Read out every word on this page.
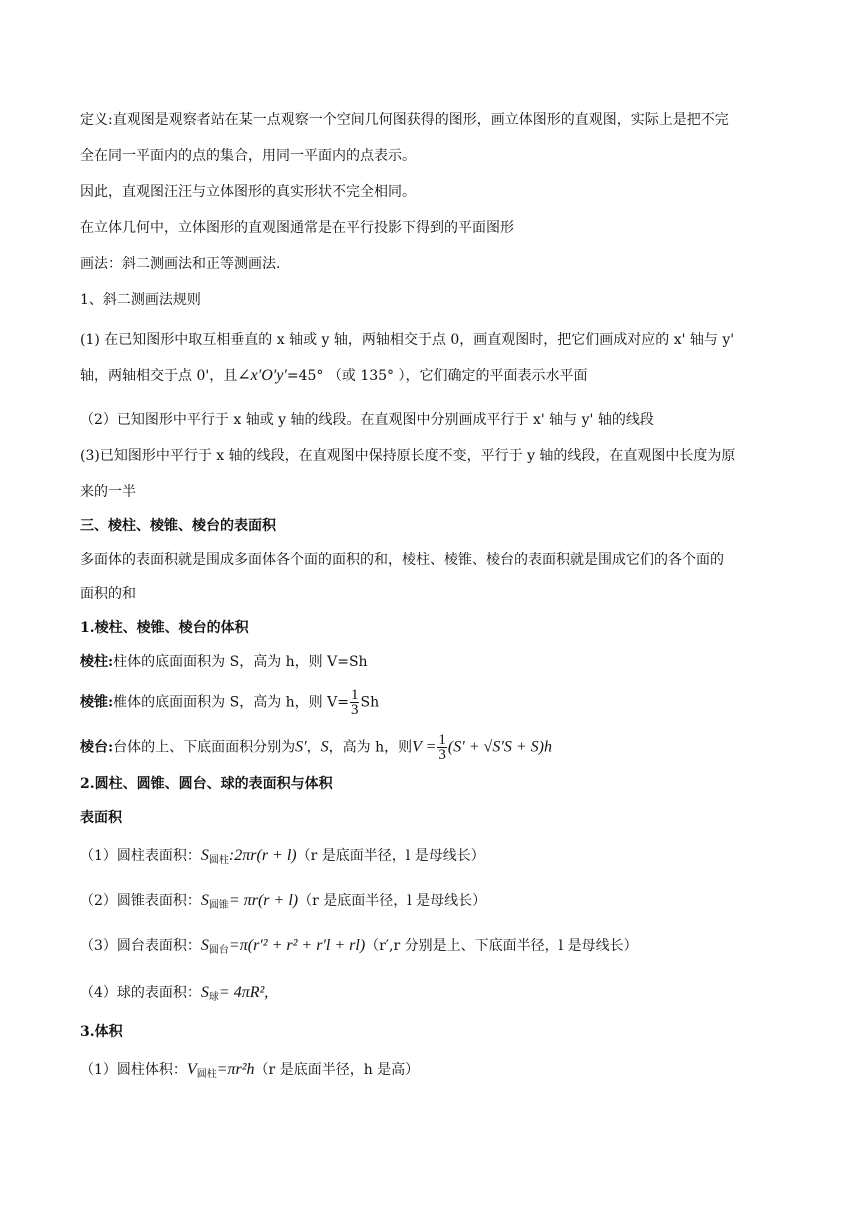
定义:直观图是观察者站在某一点观察一个空间几何图获得的图形，画立体图形的直观图，实际上是把不完
全在同一平面内的点的集合，用同一平面内的点表示。
因此，直观图汪汪与立体图形的真实形状不完全相同。
在立体几何中，立体图形的直观图通常是在平行投影下得到的平面图形
画法：斜二测画法和正等测画法.
1、斜二测画法规则
(1) 在已知图形中取互相垂直的 x 轴或 y 轴，两轴相交于点 0，画直观图时，把它们画成对应的 x' 轴与 y'
轴，两轴相交于点 0'，且∠x′O′y′=45° （或 135° ），它们确定的平面表示水平面
（2）已知图形中平行于 x 轴或 y 轴的线段。在直观图中分别画成平行于 x' 轴与 y' 轴的线段
(3)已知图形中平行于 x 轴的线段，在直观图中保持原长度不变，平行于 y 轴的线段，在直观图中长度为原
来的一半
三、棱柱、棱锥、棱台的表面积
多面体的表面积就是围成多面体各个面的面积的和，棱柱、棱锥、棱台的表面积就是围成它们的各个面的
面积的和
1.棱柱、棱锥、棱台的体积
棱柱:柱体的底面面积为 S，高为 h，则 V=Sh
棱锥:椎体的底面面积为 S，高为 h，则 $V= \frac{1}{3}$ Sh
棱台:台体的上、下底面面积分别为S′，S，高为 h，则$V = \frac{1}{3} (S' + √S'S + S)h$
2.圆柱、圆锥、圆台、球的表面积与体积
表面积
（1）圆柱表面积：$S_{圆柱}:2\pi r(r + l)(r$ 是底面半径，l 是母线长）
（2）圆锥表面积：$S_{圆锥}= \pi r(r + l)(r$ 是底面半径，l 是母线长）
（3）圆台表面积：$S_{圆台}=\pi(r'^2 + r^2 + r'l + rl)(r',r$ 分别是上、下底面半径，l 是母线长）
（4）球的表面积：$S_球= 4\pi R^2$,
3.体积
（1）圆柱体积：$V_{圆柱}=\pi r^2h(r$ 是底面半径，h 是高）
